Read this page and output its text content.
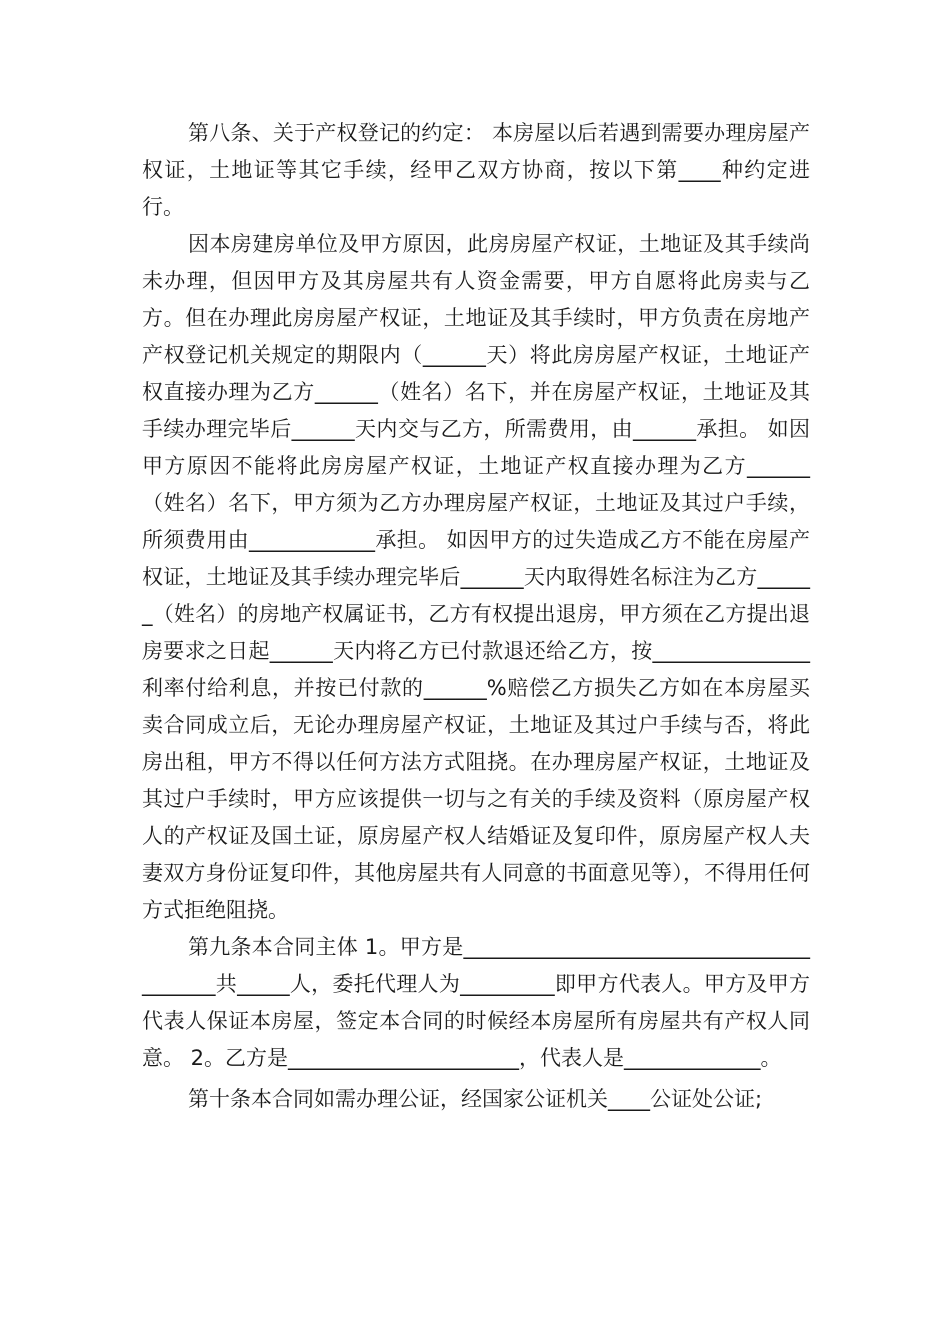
第八条、关于产权登记的约定： 本房屋以后若遇到需要办理房屋产权证，土地证等其它手续，经甲乙双方协商，按以下第____种约定进行。

因本房建房单位及甲方原因，此房房屋产权证，土地证及其手续尚未办理，但因甲方及其房屋共有人资金需要，甲方自愿将此房卖与乙方。但在办理此房房屋产权证，土地证及其手续时，甲方负责在房地产产权登记机关规定的期限内（______天）将此房房屋产权证，土地证产权直接办理为乙方______（姓名）名下，并在房屋产权证，土地证及其手续办理完毕后______天内交与乙方，所需费用，由______承担。 如因甲方原因不能将此房房屋产权证，土地证产权直接办理为乙方______（姓名）名下，甲方须为乙方办理房屋产权证，土地证及其过户手续，所须费用由____________承担。 如因甲方的过失造成乙方不能在房屋产权证，土地证及其手续办理完毕后______天内取得姓名标注为乙方______（姓名）的房地产权属证书，乙方有权提出退房，甲方须在乙方提出退房要求之日起______天内将乙方已付款退还给乙方，按_______________利率付给利息，并按已付款的______%赔偿乙方损失乙方如在本房屋买卖合同成立后，无论办理房屋产权证，土地证及其过户手续与否，将此房出租，甲方不得以任何方法方式阻挠。在办理房屋产权证，土地证及其过户手续时，甲方应该提供一切与之有关的手续及资料（原房屋产权人的产权证及国土证，原房屋产权人结婚证及复印件，原房屋产权人夫妻双方身份证复印件，其他房屋共有人同意的书面意见等），不得用任何方式拒绝阻挠。

第九条本合同主体 1。甲方是________________________________________共_____人，委托代理人为_________即甲方代表人。甲方及甲方代表人保证本房屋，签定本合同的时候经本房屋所有房屋共有产权人同意。 2。乙方是______________________，代表人是_____________。

第十条本合同如需办理公证，经国家公证机关____公证处公证;
